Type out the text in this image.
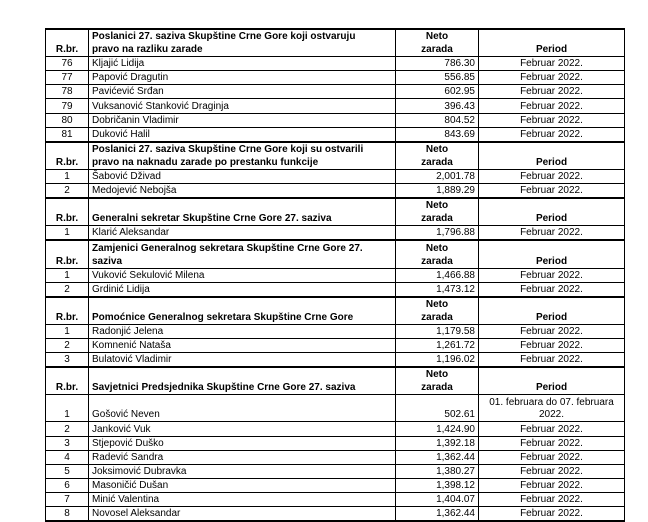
	Poslanici 27. saziva Skupštine Crne Gore koji ostvaruju	Neto	
R.br.	pravo na razliku zarade	zarada	Period
76	Kljajić Lidija	786.30	Februar 2022.
77	Papović Dragutin	556.85	Februar 2022.
78	Pavićević Srđan	602.95	Februar 2022.
79	Vuksanović Stanković Draginja	396.43	Februar 2022.
80	Dobričanin Vladimir	804.52	Februar 2022.
81	Duković Halil	843.69	Februar 2022.
	Poslanici 27. saziva Skupštine Crne Gore koji su ostvarili	Neto	
R.br.	pravo na naknadu zarade po prestanku funkcije	zarada	Period
1	Šabović Dživad	2,001.78	Februar 2022.
2	Medojević Nebojša	1,889.29	Februar 2022.
		Neto	
R.br.	Generalni sekretar Skupštine Crne Gore 27. saziva	zarada	Period
1	Klarić Aleksandar	1,796.88	Februar 2022.
	Zamjenici Generalnog sekretara Skupštine Crne Gore 27.	Neto	
R.br.	saziva	zarada	Period
1	Vuković Sekulović Milena	1,466.88	Februar 2022.
2	Grdinić Lidija	1,473.12	Februar 2022.
		Neto	
R.br.	Pomoćnice Generalnog sekretara Skupštine Crne Gore	zarada	Period
1	Radonjić Jelena	1,179.58	Februar 2022.
2	Komnenić Nataša	1,261.72	Februar 2022.
3	Bulatović Vladimir	1,196.02	Februar 2022.
		Neto	
R.br.	Savjetnici Predsjednika Skupštine Crne Gore 27. saziva	zarada	Period
1	Gošović Neven	502.61	01. februara do 07. februara 2022.
2	Janković Vuk	1,424.90	Februar 2022.
3	Stjepović Duško	1,392.18	Februar 2022.
4	Radević Sandra	1,362.44	Februar 2022.
5	Joksimović Dubravka	1,380.27	Februar 2022.
6	Masoničić Dušan	1,398.12	Februar 2022.
7	Minić Valentina	1,404.07	Februar 2022.
8	Novosel Aleksandar	1,362.44	Februar 2022.
